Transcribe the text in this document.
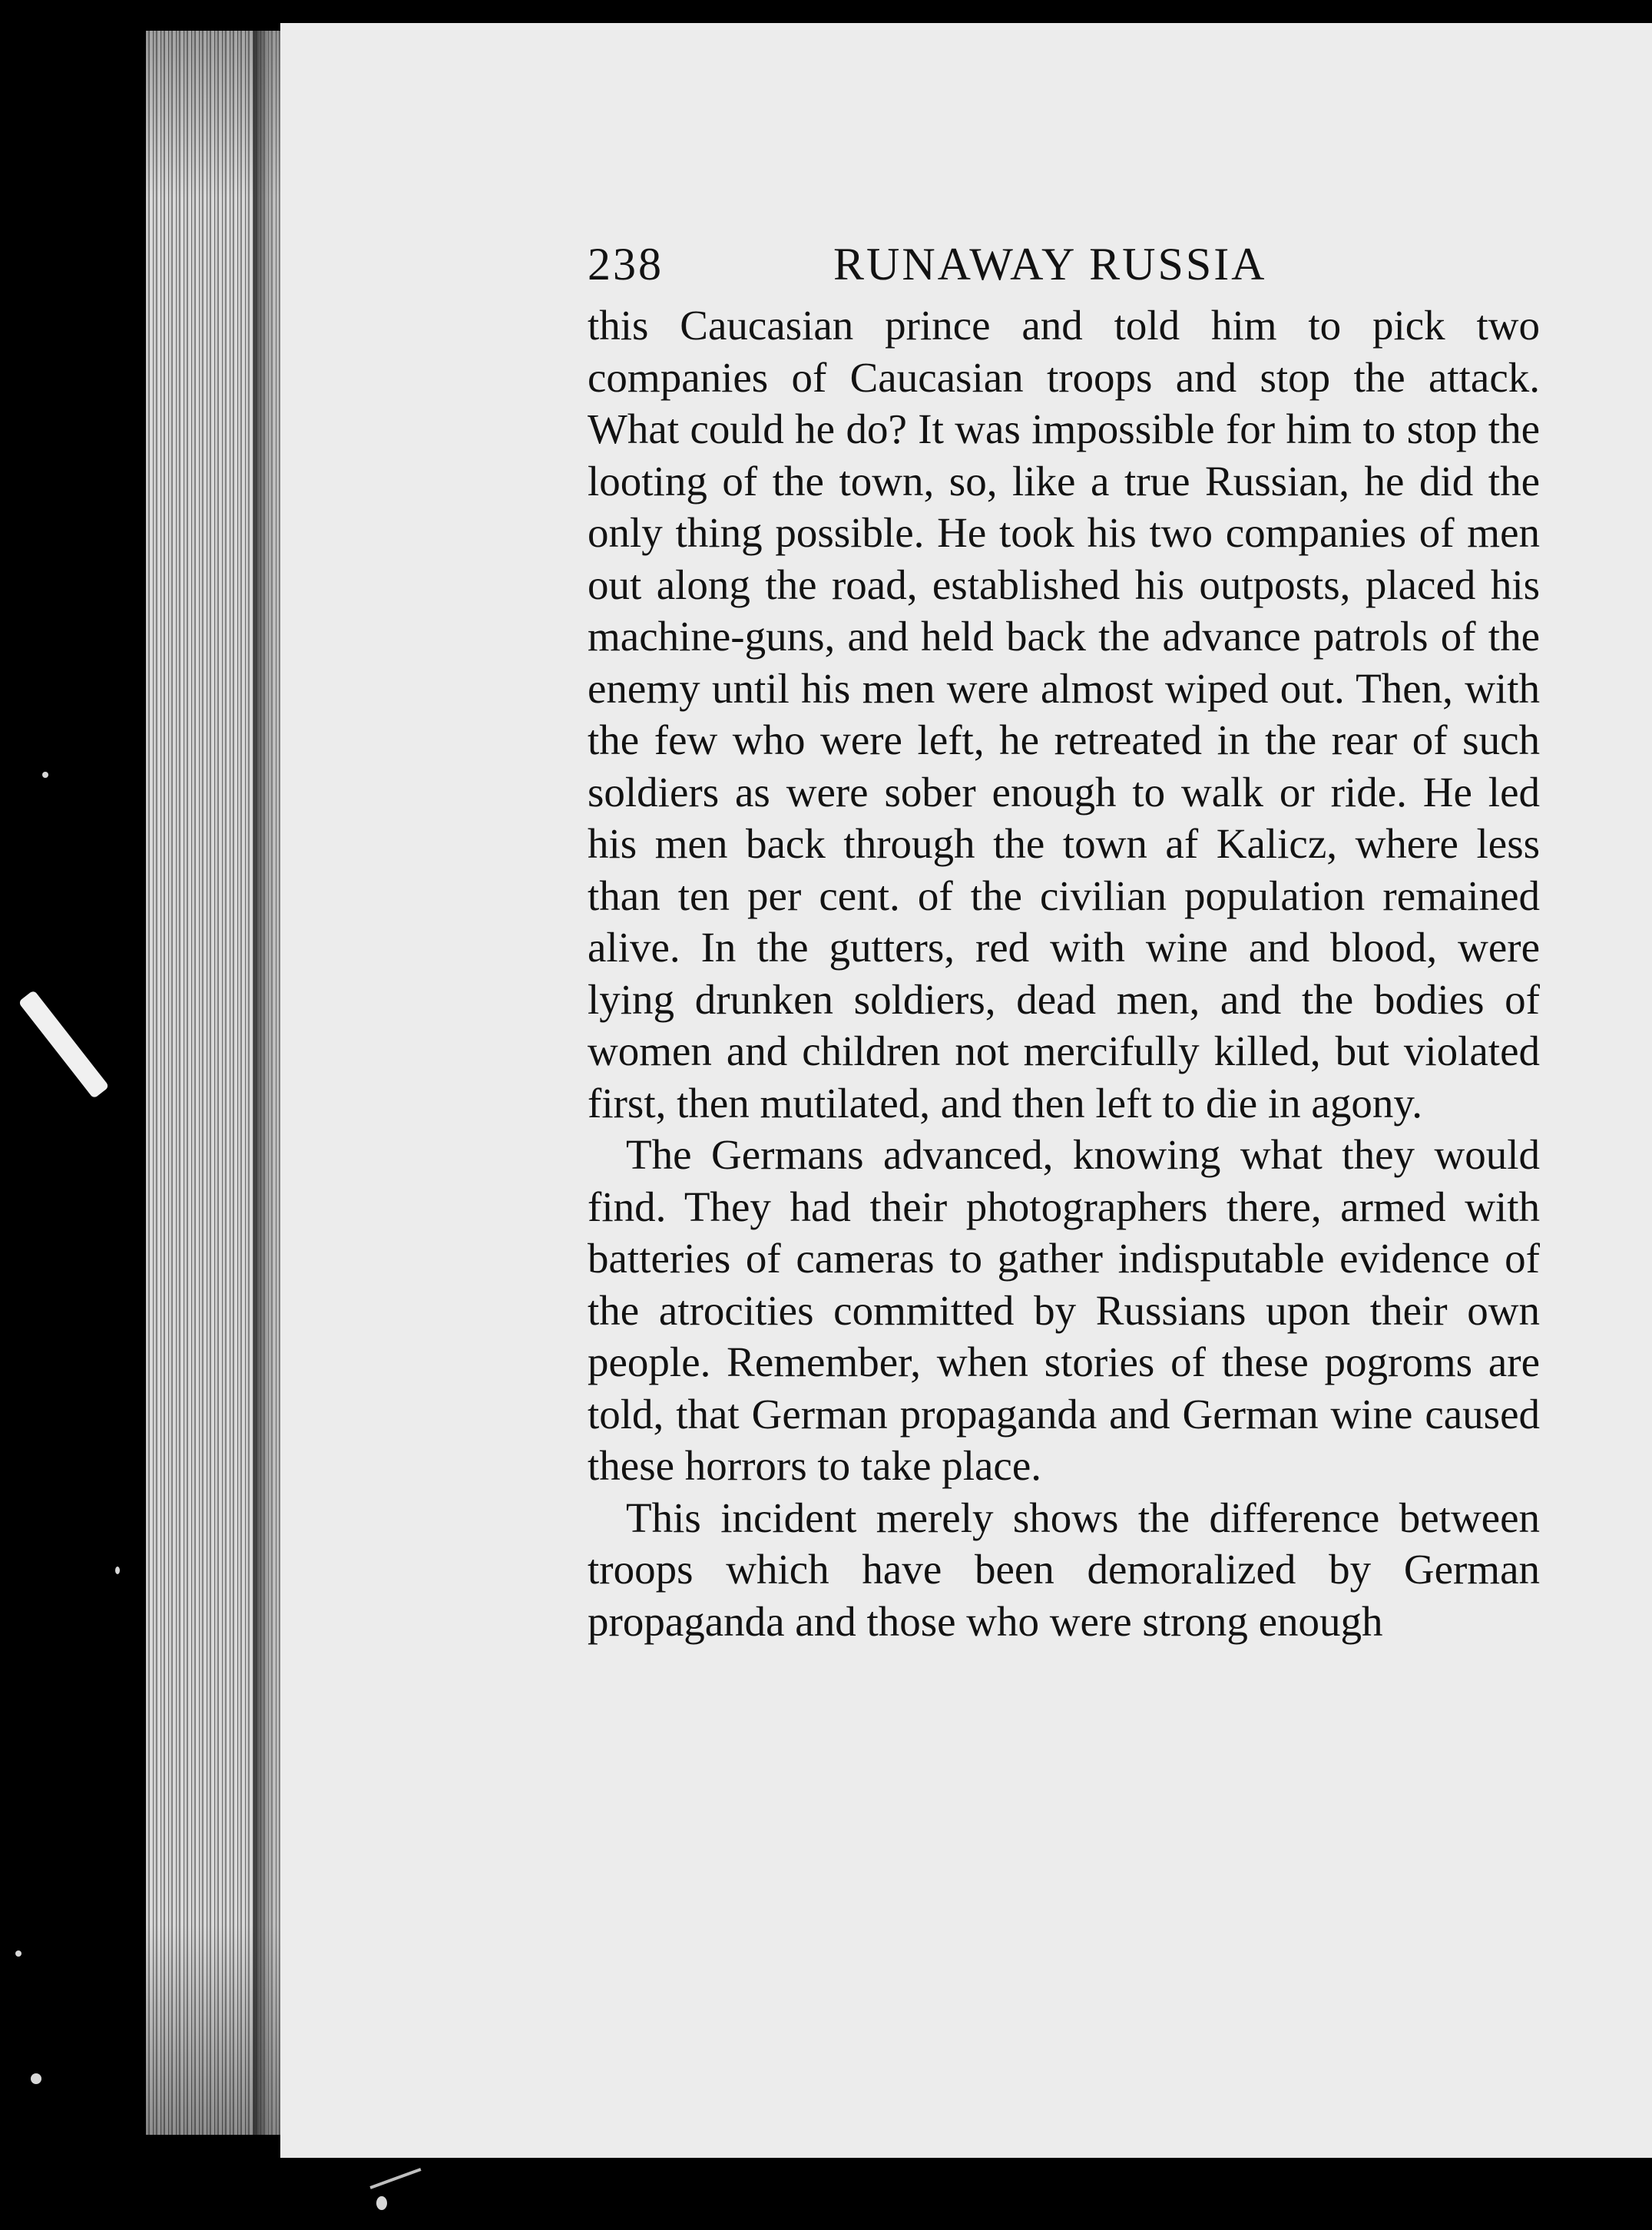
238	RUNAWAY RUSSIA

this Caucasian prince and told him to pick two companies of Caucasian troops and stop the attack. What could he do? It was impossible for him to stop the looting of the town, so, like a true Russian, he did the only thing possible. He took his two companies of men out along the road, established his outposts, placed his machine-guns, and held back the advance patrols of the enemy until his men were almost wiped out. Then, with the few who were left, he retreated in the rear of such soldiers as were sober enough to walk or ride. He led his men back through the town af Kalicz, where less than ten per cent. of the civilian population remained alive. In the gutters, red with wine and blood, were lying drunken soldiers, dead men, and the bodies of women and children not mercifully killed, but violated first, then mutilated, and then left to die in agony.

The Germans advanced, knowing what they would find. They had their photographers there, armed with batteries of cameras to gather indisputable evidence of the atrocities committed by Russians upon their own people. Remember, when stories of these pogroms are told, that German propaganda and German wine caused these horrors to take place.

This incident merely shows the difference between troops which have been demoralized by German propaganda and those who were strong enough
